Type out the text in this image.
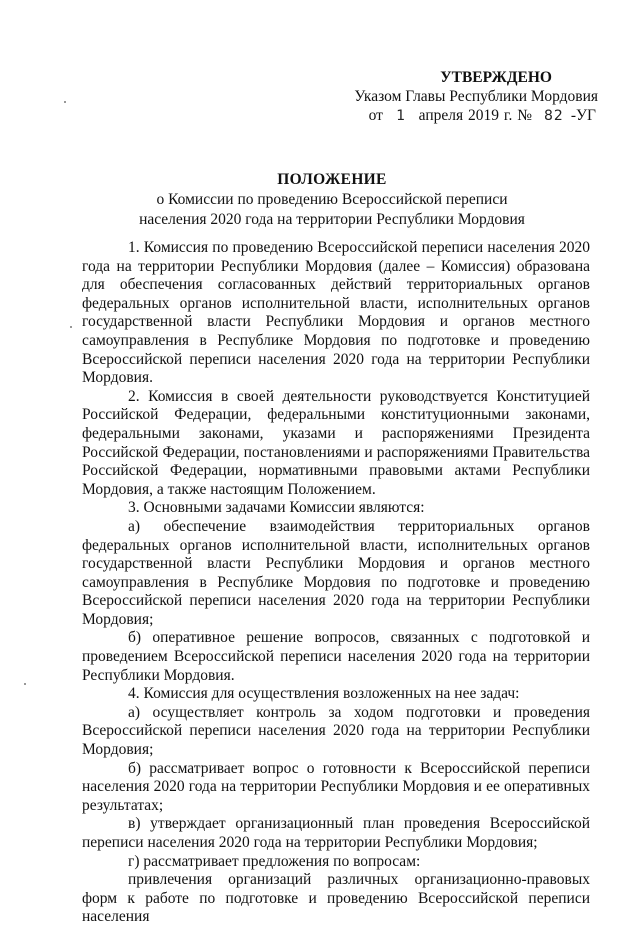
УТВЕРЖДЕНО
Указом Главы Республики Мордовия
от 1 апреля 2019 г. № 82 -УГ
ПОЛОЖЕНИЕ
о Комиссии по проведению Всероссийской переписи
населения 2020 года на территории Республики Мордовия

1. Комиссия по проведению Всероссийской переписи населения 2020 года на территории Республики Мордовия (далее – Комиссия) образована для обеспечения согласованных действий территориальных органов федеральных органов исполнительной власти, исполнительных органов государственной власти Республики Мордовия и органов местного самоуправления в Республике Мордовия по подготовке и проведению Всероссийской переписи населения 2020 года на территории Республики Мордовия.

2. Комиссия в своей деятельности руководствуется Конституцией Российской Федерации, федеральными конституционными законами, федеральными законами, указами и распоряжениями Президента Российской Федерации, постановлениями и распоряжениями Правительства Российской Федерации, нормативными правовыми актами Республики Мордовия, а также настоящим Положением.

3. Основными задачами Комиссии являются:

а) обеспечение взаимодействия территориальных органов федеральных органов исполнительной власти, исполнительных органов государственной власти Республики Мордовия и органов местного самоуправления в Республике Мордовия по подготовке и проведению Всероссийской переписи населения 2020 года на территории Республики Мордовия;

б) оперативное решение вопросов, связанных с подготовкой и проведением Всероссийской переписи населения 2020 года на территории Республики Мордовия.

4. Комиссия для осуществления возложенных на нее задач:

а) осуществляет контроль за ходом подготовки и проведения Всероссийской переписи населения 2020 года на территории Республики Мордовия;

б) рассматривает вопрос о готовности к Всероссийской переписи населения 2020 года на территории Республики Мордовия и ее оперативных результатах;

в) утверждает организационный план проведения Всероссийской переписи населения 2020 года на территории Республики Мордовия;

г) рассматривает предложения по вопросам:

привлечения организаций различных организационно-правовых форм к работе по подготовке и проведению Всероссийской переписи населения
